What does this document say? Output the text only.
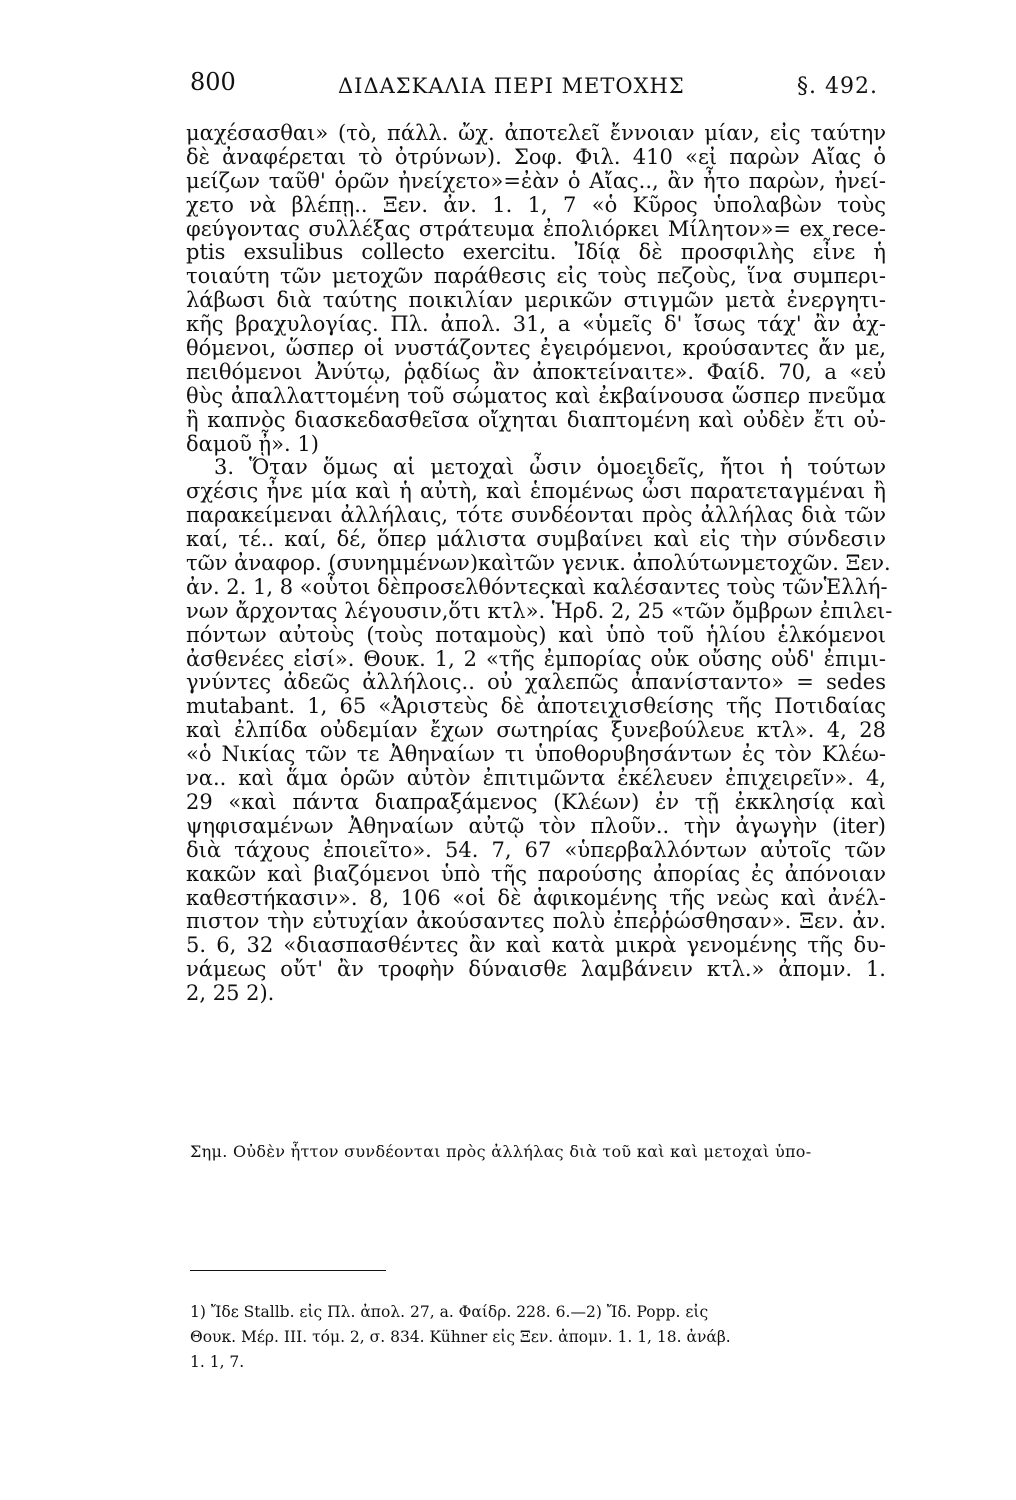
800	ΔΙΔΑΣΚΑΛΙΑ ΠΕΡΙ ΜΕΤΟΧΗΣ	§. 492.
μαχέσασθαι» (τὸ, πάλλ. ὤχ. ἀποτελεῖ ἔννοιαν μίαν, εἰς ταύτην
δὲ ἀναφέρεται τὸ ὀτρύνων). Σοφ. Φιλ. 410 «εἰ παρὼν Αἴας ὁ
μείζων ταῦθ' ὁρῶν ἠνείχετο»=ἐὰν ὁ Αἴας.., ἂν ἦτο παρὼν, ἠνεί-
χετο νὰ βλέπῃ.. Ξεν. ἀν. 1. 1, 7 «ὁ Κῦρος ὑπολαβὼν τοὺς
φεύγοντας συλλέξας στράτευμα ἐπολιόρκει Μίλητον»= ex rece-
ptis exsulibus collecto exercitu. Ἰδίᾳ δὲ προσφιλὴς εἶνε ἡ
τοιαύτη τῶν μετοχῶν παράθεσις εἰς τοὺς πεζοὺς, ἵνα συμπερι-
λάβωσι διὰ ταύτης ποικιλίαν μερικῶν στιγμῶν μετὰ ἐνεργητι-
κῆς βραχυλογίας. Πλ. ἀπολ. 31, a «ὑμεῖς δ' ἴσως τάχ' ἂν ἀχ-
θόμενοι, ὥσπερ οἱ νυστάζοντες ἐγειρόμενοι, κρούσαντες ἄν με,
πειθόμενοι Ἀνύτῳ, ῥᾳδίως ἂν ἀποκτείναιτε». Φαίδ. 70, a «εὐ
θὺς ἀπαλλαττομένη τοῦ σώματος καὶ ἐκβαίνουσα ὥσπερ πνεῦμα
ἢ καπνὸς διασκεδασθεῖσα οἴχηται διαπτομένη καὶ οὐδὲν ἔτι οὐ-
δαμοῦ ᾖ». 1)
3. Ὅταν ὅμως αἱ μετοχαὶ ὦσιν ὁμοειδεῖς, ἤτοι ἡ τούτων
σχέσις ἦνε μία καὶ ἡ αὐτὴ, καὶ ἑπομένως ὦσι παρατεταγμέναι ἢ
παρακείμεναι ἀλλήλαις, τότε συνδέονται πρὸς ἀλλήλας διὰ τῶν
καί, τέ.. καί, δέ, ὅπερ μάλιστα συμβαίνει καὶ εἰς τὴν σύνδεσιν
τῶν ἀναφορ. (συνημμένων)καὶτῶν γενικ. ἀπολύτωνμετοχῶν. Ξεν.
ἀν. 2. 1, 8 «οὗτοι δὲπροσελθόντεςκαὶ καλέσαντες τοὺς τῶνἙλλή-
νων ἄρχοντας λέγουσιν,ὅτι κτλ». Ἡρδ. 2, 25 «τῶν ὄμβρων ἐπιλει-
πόντων αὐτοὺς (τοὺς ποταμοὺς) καὶ ὑπὸ τοῦ ἡλίου ἑλκόμενοι
ἀσθενέες εἰσί». Θουκ. 1, 2 «τῆς ἐμπορίας οὐκ οὔσης οὐδ' ἐπιμι-
γνύντες ἀδεῶς ἀλλήλοις.. οὐ χαλεπῶς ἀπανίσταντο» = sedes
mutabant. 1, 65 «Ἀριστεὺς δὲ ἀποτειχισθείσης τῆς Ποτιδαίας
καὶ ἐλπίδα οὐδεμίαν ἔχων σωτηρίας ξυνεβούλευε κτλ». 4, 28
«ὁ Νικίας τῶν τε Ἀθηναίων τι ὑποθορυβησάντων ἐς τὸν Κλέω-
να.. καὶ ἅμα ὁρῶν αὐτὸν ἐπιτιμῶντα ἐκέλευεν ἐπιχειρεῖν». 4,
29 «καὶ πάντα διαπραξάμενος (Κλέων) ἐν τῇ ἐκκλησίᾳ καὶ
ψηφισαμένων Ἀθηναίων αὐτῷ τὸν πλοῦν.. τὴν ἀγωγὴν (iter)
διὰ τάχους ἐποιεῖτο». 54. 7, 67 «ὑπερβαλλόντων αὐτοῖς τῶν
κακῶν καὶ βιαζόμενοι ὑπὸ τῆς παρούσης ἀπορίας ἐς ἀπόνοιαν
καθεστήκασιν». 8, 106 «οἱ δὲ ἀφικομένης τῆς νεὼς καὶ ἀνέλ-
πιστον τὴν εὐτυχίαν ἀκούσαντες πολὺ ἐπεῤῥώσθησαν». Ξεν. ἀν.
5. 6, 32 «διασπασθέντες ἂν καὶ κατὰ μικρὰ γενομένης τῆς δυ-
νάμεως οὔτ' ἂν τροφὴν δύναισθε λαμβάνειν κτλ.» ἀπομν. 1.
2, 25 2).
Σημ. Οὐδὲν ἧττον συνδέονται πρὸς ἀλλήλας διὰ τοῦ καὶ καὶ μετοχαὶ ὑπο-
1) Ἴδε Stallb. εἰς Πλ. ἀπολ. 27, a. Φαίδρ. 228. 6.—2) Ἴδ. Popp. εἰς
Θουκ. Μέρ. III. τόμ. 2, σ. 834. Kühner εἰς Ξεν. ἀπομν. 1. 1, 18. ἀνάβ.
1. 1, 7.
